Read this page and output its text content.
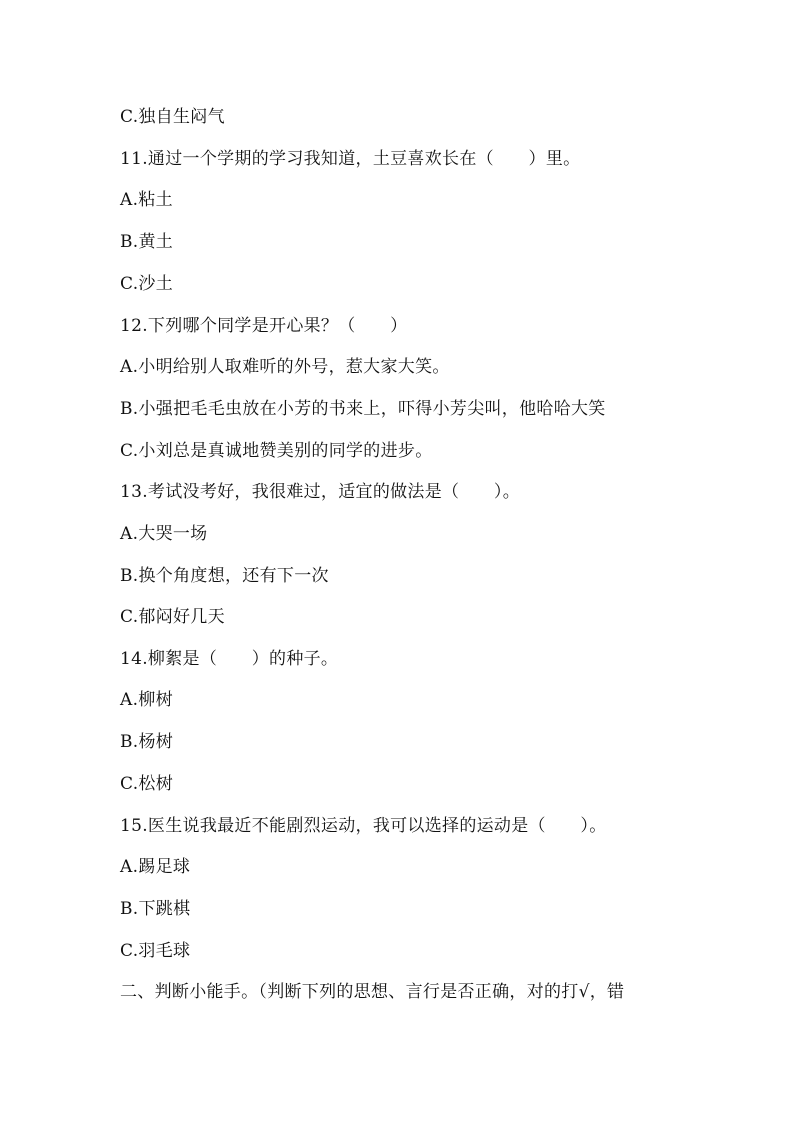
C.独自生闷气
11.通过一个学期的学习我知道，土豆喜欢长在（　　）里。
A.粘土
B.黄土
C.沙土
12.下列哪个同学是开心果？（　　）
A.小明给别人取难听的外号，惹大家大笑。
B.小强把毛毛虫放在小芳的书来上，吓得小芳尖叫，他哈哈大笑
C.小刘总是真诚地赞美别的同学的进步。
13.考试没考好，我很难过，适宜的做法是（　　）。
A.大哭一场
B.换个角度想，还有下一次
C.郁闷好几天
14.柳絮是（　　）的种子。
A.柳树
B.杨树
C.松树
15.医生说我最近不能剧烈运动，我可以选择的运动是（　　）。
A.踢足球
B.下跳棋
C.羽毛球
二、判断小能手。（判断下列的思想、言行是否正确，对的打√，错
